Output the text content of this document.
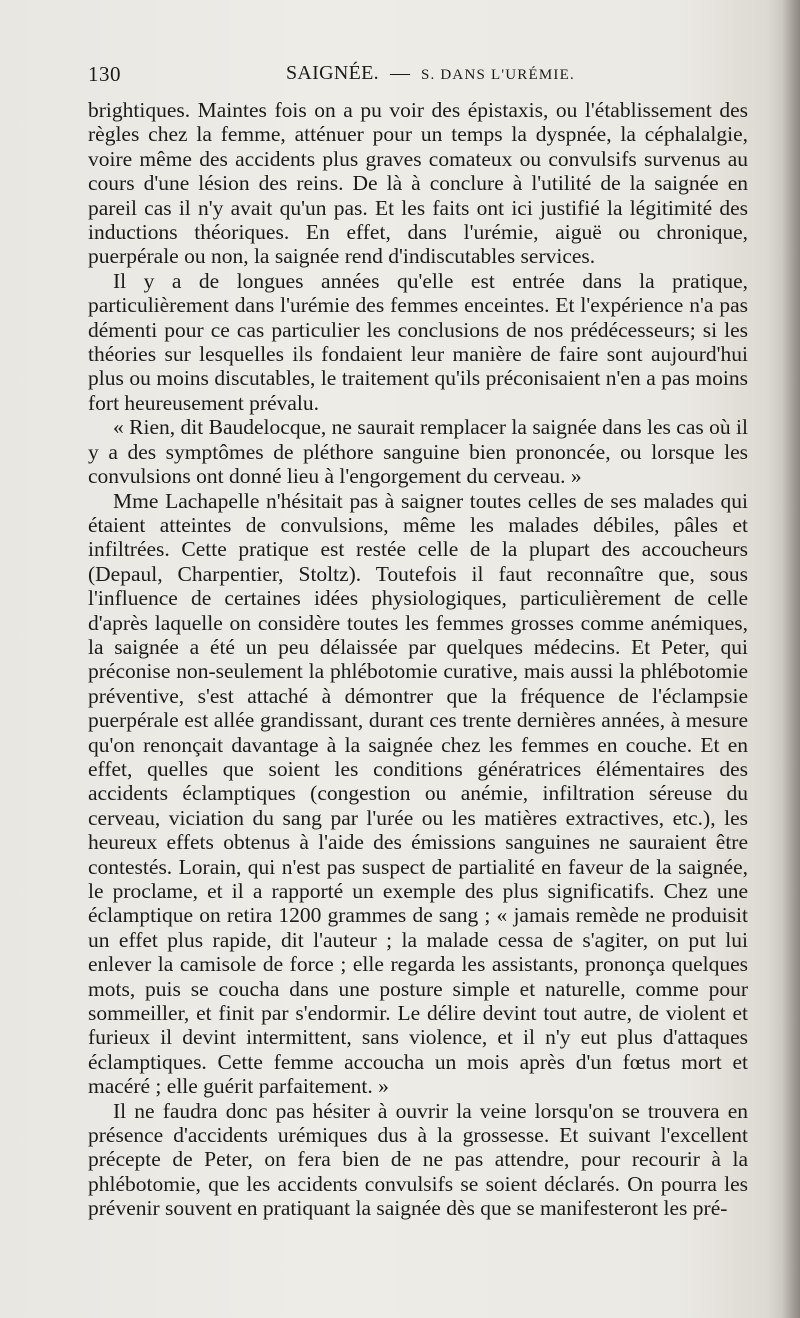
130	SAIGNÉE. — S. DANS L'URÉMIE.

brightiques. Maintes fois on a pu voir des épistaxis, ou l'établissement des règles chez la femme, atténuer pour un temps la dyspnée, la céphalalgie, voire même des accidents plus graves comateux ou convulsifs survenus au cours d'une lésion des reins. De là à conclure à l'utilité de la saignée en pareil cas il n'y avait qu'un pas. Et les faits ont ici justifié la légitimité des inductions théoriques. En effet, dans l'urémie, aiguë ou chronique, puerpérale ou non, la saignée rend d'indiscutables services.

Il y a de longues années qu'elle est entrée dans la pratique, particulièrement dans l'urémie des femmes enceintes. Et l'expérience n'a pas démenti pour ce cas particulier les conclusions de nos prédécesseurs; si les théories sur lesquelles ils fondaient leur manière de faire sont aujourd'hui plus ou moins discutables, le traitement qu'ils préconisaient n'en a pas moins fort heureusement prévalu.

« Rien, dit Baudelocque, ne saurait remplacer la saignée dans les cas où il y a des symptômes de pléthore sanguine bien prononcée, ou lorsque les convulsions ont donné lieu à l'engorgement du cerveau. »

Mme Lachapelle n'hésitait pas à saigner toutes celles de ses malades qui étaient atteintes de convulsions, même les malades débiles, pâles et infiltrées. Cette pratique est restée celle de la plupart des accoucheurs (Depaul, Charpentier, Stoltz). Toutefois il faut reconnaître que, sous l'influence de certaines idées physiologiques, particulièrement de celle d'après laquelle on considère toutes les femmes grosses comme anémiques, la saignée a été un peu délaissée par quelques médecins. Et Peter, qui préconise non-seulement la phlébotomie curative, mais aussi la phlébotomie préventive, s'est attaché à démontrer que la fréquence de l'éclampsie puerpérale est allée grandissant, durant ces trente dernières années, à mesure qu'on renonçait davantage à la saignée chez les femmes en couche. Et en effet, quelles que soient les conditions génératrices élémentaires des accidents éclamptiques (congestion ou anémie, infiltration séreuse du cerveau, viciation du sang par l'urée ou les matières extractives, etc.), les heureux effets obtenus à l'aide des émissions sanguines ne sauraient être contestés. Lorain, qui n'est pas suspect de partialité en faveur de la saignée, le proclame, et il a rapporté un exemple des plus significatifs. Chez une éclamptique on retira 1200 grammes de sang ; « jamais remède ne produisit un effet plus rapide, dit l'auteur ; la malade cessa de s'agiter, on put lui enlever la camisole de force ; elle regarda les assistants, prononça quelques mots, puis se coucha dans une posture simple et naturelle, comme pour sommeiller, et finit par s'endormir. Le délire devint tout autre, de violent et furieux il devint intermittent, sans violence, et il n'y eut plus d'attaques éclamptiques. Cette femme accoucha un mois après d'un fœtus mort et macéré ; elle guérit parfaitement. »

Il ne faudra donc pas hésiter à ouvrir la veine lorsqu'on se trouvera en présence d'accidents urémiques dus à la grossesse. Et suivant l'excellent précepte de Peter, on fera bien de ne pas attendre, pour recourir à la phlébotomie, que les accidents convulsifs se soient déclarés. On pourra les prévenir souvent en pratiquant la saignée dès que se manifesteront les pré-
